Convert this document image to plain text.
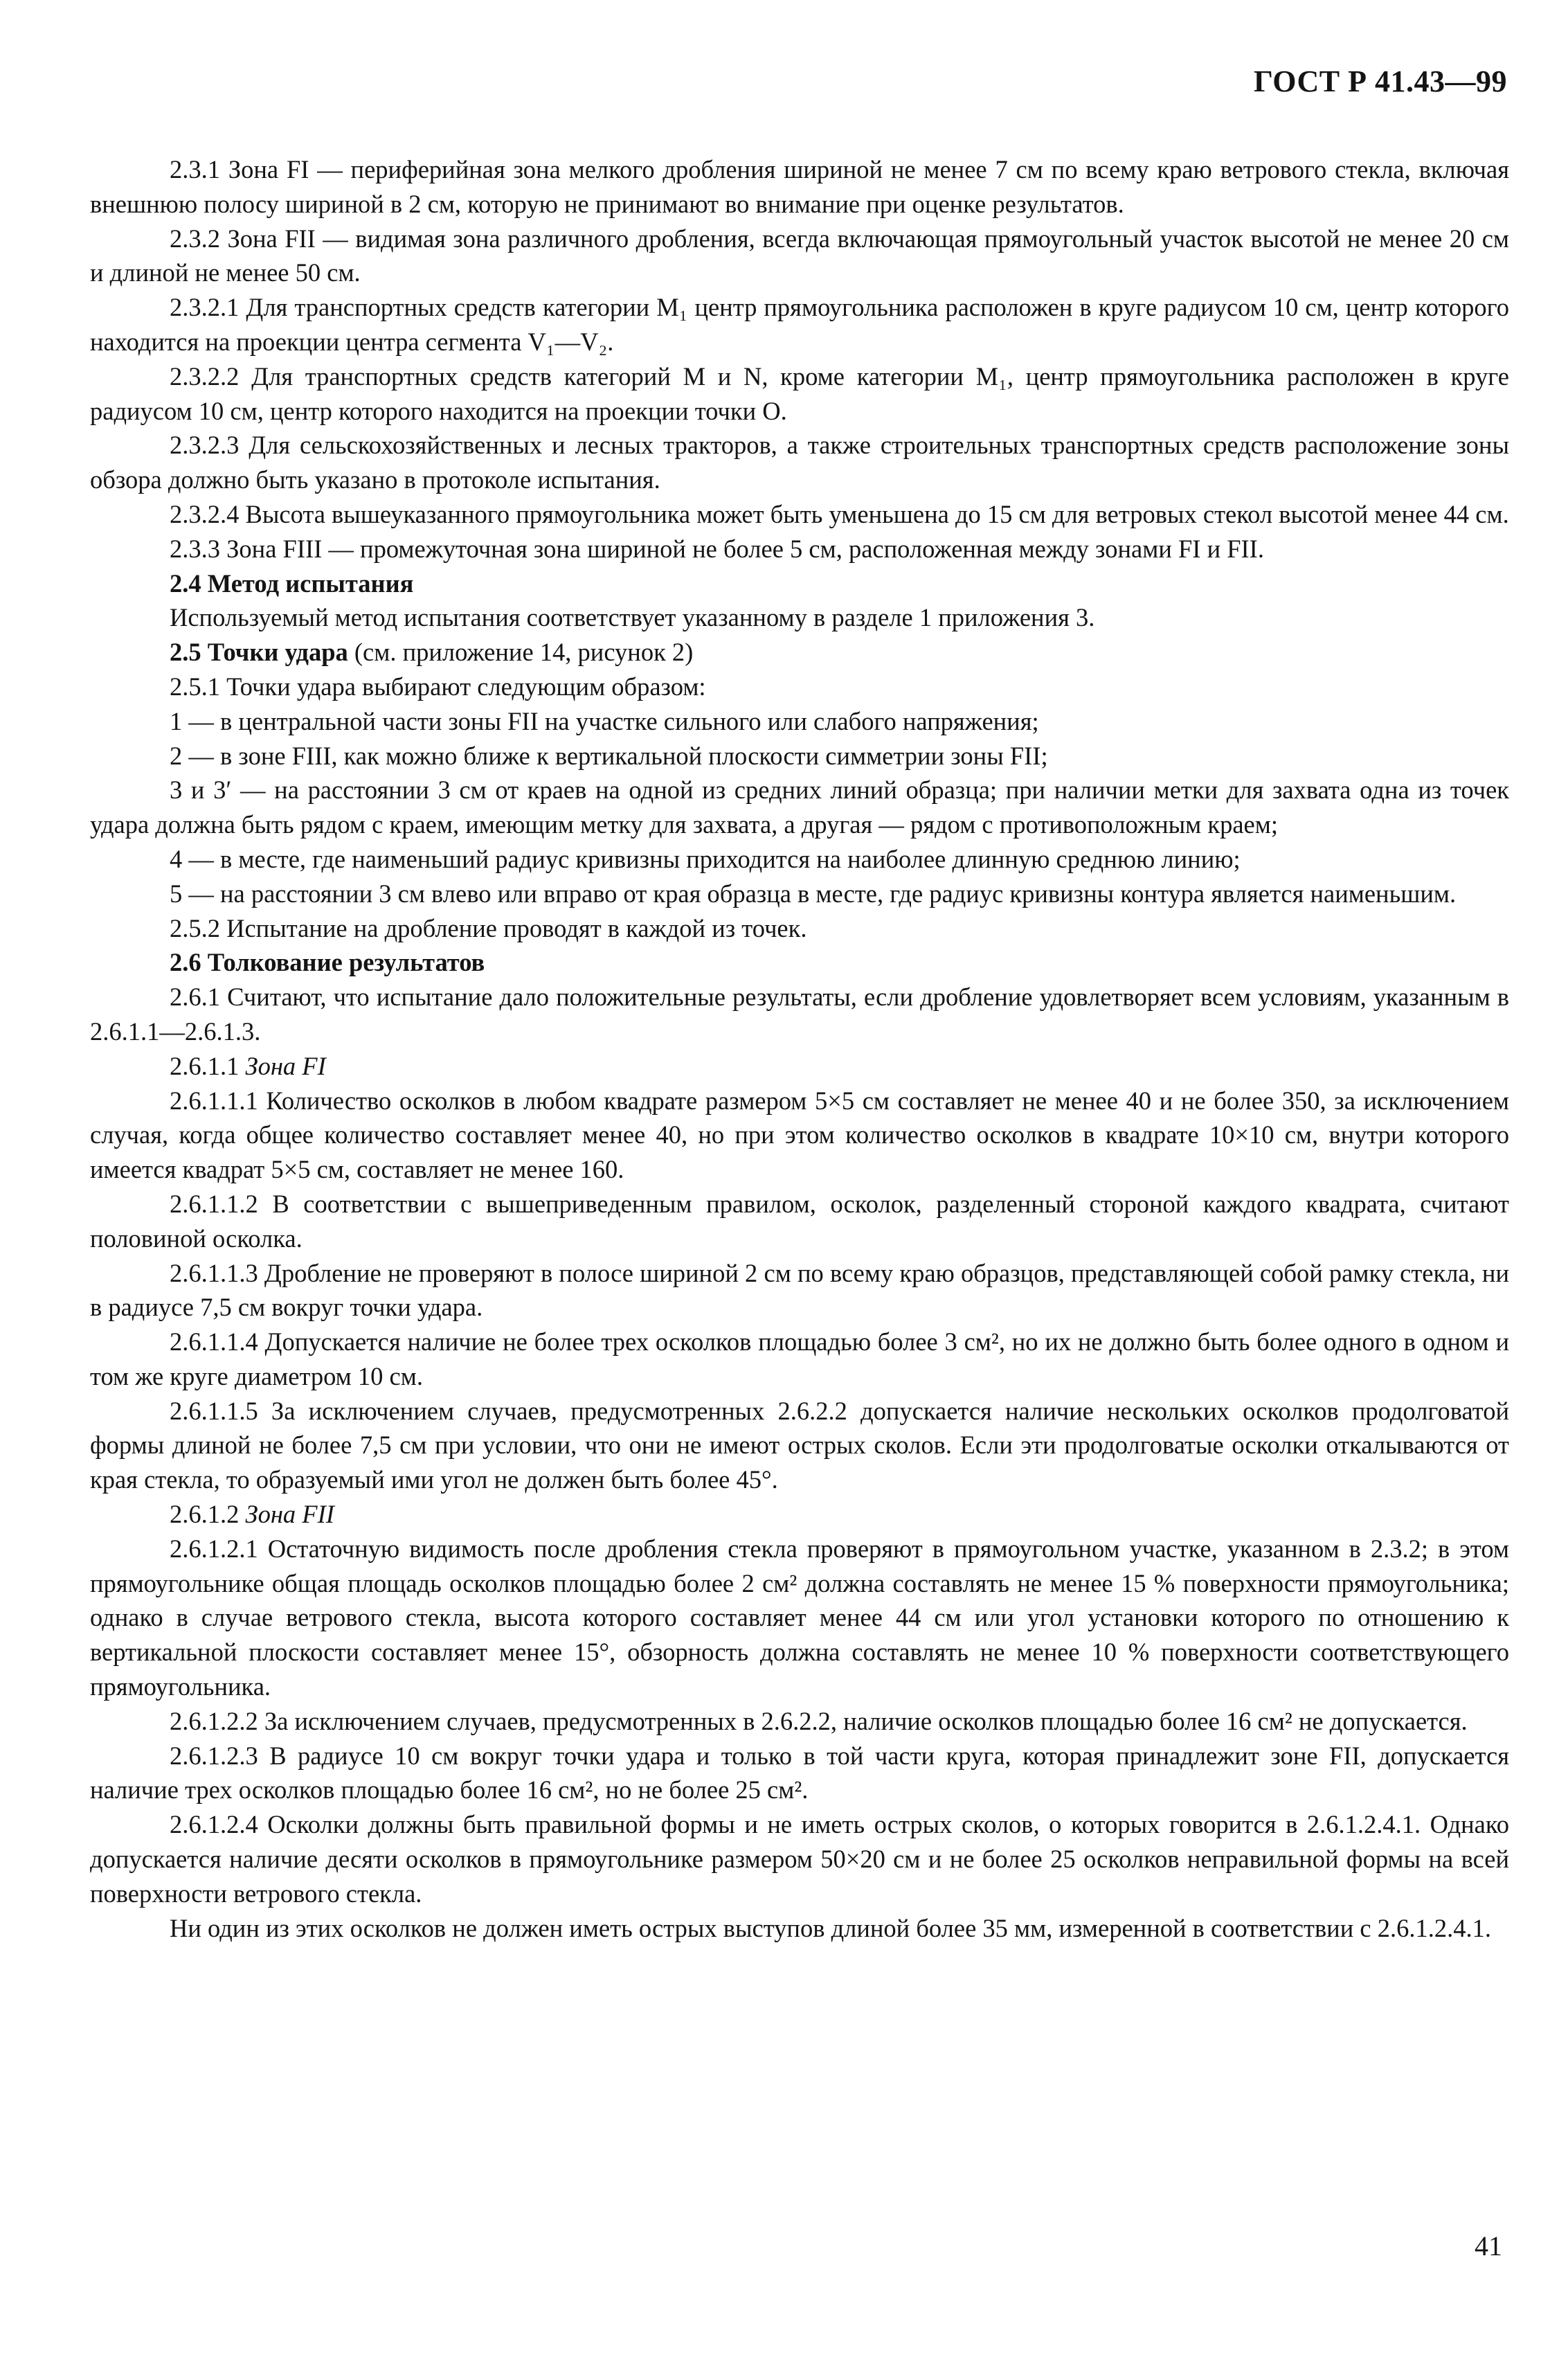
ГОСТ Р 41.43—99

2.3.1 Зона FI — периферийная зона мелкого дробления шириной не менее 7 см по всему краю ветрового стекла, включая внешнюю полосу шириной в 2 см, которую не принимают во внимание при оценке результатов.

2.3.2 Зона FII — видимая зона различного дробления, всегда включающая прямоугольный участок высотой не менее 20 см и длиной не менее 50 см.

2.3.2.1 Для транспортных средств категории M₁ центр прямоугольника расположен в круге радиусом 10 см, центр которого находится на проекции центра сегмента V₁—V₂.

2.3.2.2 Для транспортных средств категорий M и N, кроме категории M₁, центр прямоугольника расположен в круге радиусом 10 см, центр которого находится на проекции точки O.

2.3.2.3 Для сельскохозяйственных и лесных тракторов, а также строительных транспортных средств расположение зоны обзора должно быть указано в протоколе испытания.

2.3.2.4 Высота вышеуказанного прямоугольника может быть уменьшена до 15 см для ветровых стекол высотой менее 44 см.

2.3.3 Зона FIII — промежуточная зона шириной не более 5 см, расположенная между зонами FI и FII.

2.4 Метод испытания

Используемый метод испытания соответствует указанному в разделе 1 приложения 3.

2.5 Точки удара (см. приложение 14, рисунок 2)

2.5.1 Точки удара выбирают следующим образом:

1 — в центральной части зоны FII на участке сильного или слабого напряжения;

2 — в зоне FIII, как можно ближе к вертикальной плоскости симметрии зоны FII;

3 и 3′ — на расстоянии 3 см от краев на одной из средних линий образца; при наличии метки для захвата одна из точек удара должна быть рядом с краем, имеющим метку для захвата, а другая — рядом с противоположным краем;

4 — в месте, где наименьший радиус кривизны приходится на наиболее длинную среднюю линию;

5 — на расстоянии 3 см влево или вправо от края образца в месте, где радиус кривизны контура является наименьшим.

2.5.2 Испытание на дробление проводят в каждой из точек.

2.6 Толкование результатов

2.6.1 Считают, что испытание дало положительные результаты, если дробление удовлетворяет всем условиям, указанным в 2.6.1.1—2.6.1.3.

2.6.1.1 Зона FI

2.6.1.1.1 Количество осколков в любом квадрате размером 5×5 см составляет не менее 40 и не более 350, за исключением случая, когда общее количество составляет менее 40, но при этом количество осколков в квадрате 10×10 см, внутри которого имеется квадрат 5×5 см, составляет не менее 160.

2.6.1.1.2 В соответствии с вышеприведенным правилом, осколок, разделенный стороной каждого квадрата, считают половиной осколка.

2.6.1.1.3 Дробление не проверяют в полосе шириной 2 см по всему краю образцов, представляющей собой рамку стекла, ни в радиусе 7,5 см вокруг точки удара.

2.6.1.1.4 Допускается наличие не более трех осколков площадью более 3 см², но их не должно быть более одного в одном и том же круге диаметром 10 см.

2.6.1.1.5 За исключением случаев, предусмотренных 2.6.2.2 допускается наличие нескольких осколков продолговатой формы длиной не более 7,5 см при условии, что они не имеют острых сколов. Если эти продолговатые осколки откалываются от края стекла, то образуемый ими угол не должен быть более 45°.

2.6.1.2 Зона FII

2.6.1.2.1 Остаточную видимость после дробления стекла проверяют в прямоугольном участке, указанном в 2.3.2; в этом прямоугольнике общая площадь осколков площадью более 2 см² должна составлять не менее 15 % поверхности прямоугольника; однако в случае ветрового стекла, высота которого составляет менее 44 см или угол установки которого по отношению к вертикальной плоскости составляет менее 15°, обзорность должна составлять не менее 10 % поверхности соответствующего прямоугольника.

2.6.1.2.2 За исключением случаев, предусмотренных в 2.6.2.2, наличие осколков площадью более 16 см² не допускается.

2.6.1.2.3 В радиусе 10 см вокруг точки удара и только в той части круга, которая принадлежит зоне FII, допускается наличие трех осколков площадью более 16 см², но не более 25 см².

2.6.1.2.4 Осколки должны быть правильной формы и не иметь острых сколов, о которых говорится в 2.6.1.2.4.1. Однако допускается наличие десяти осколков в прямоугольнике размером 50×20 см и не более 25 осколков неправильной формы на всей поверхности ветрового стекла.

Ни один из этих осколков не должен иметь острых выступов длиной более 35 мм, измеренной в соответствии с 2.6.1.2.4.1.

41
